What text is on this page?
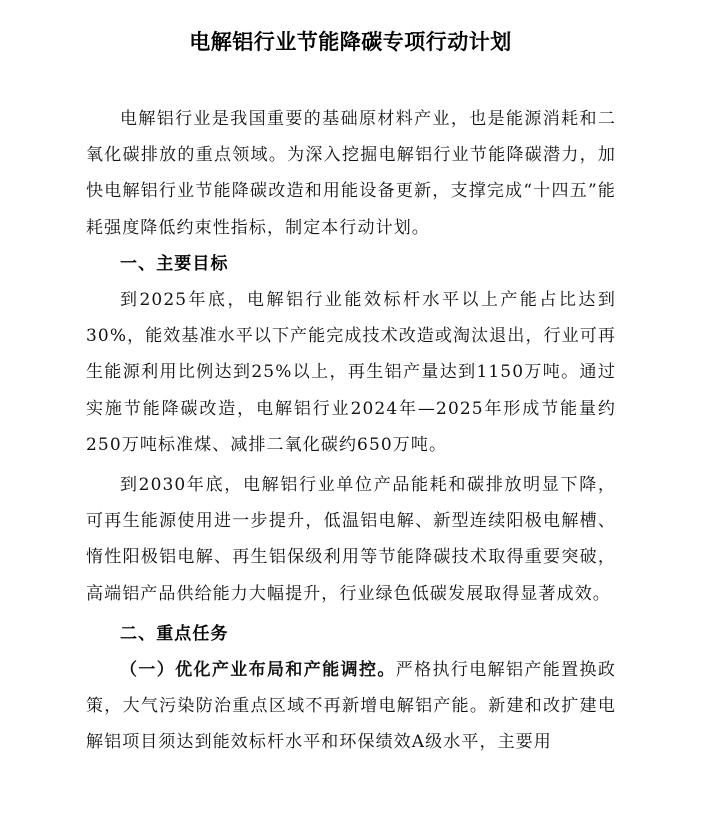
电解铝行业节能降碳专项行动计划

电解铝行业是我国重要的基础原材料产业，也是能源消耗和二氧化碳排放的重点领域。为深入挖掘电解铝行业节能降碳潜力，加快电解铝行业节能降碳改造和用能设备更新，支撑完成“十四五”能耗强度降低约束性指标，制定本行动计划。

一、主要目标

到2025年底，电解铝行业能效标杆水平以上产能占比达到30%，能效基准水平以下产能完成技术改造或淘汰退出，行业可再生能源利用比例达到25%以上，再生铝产量达到1150万吨。通过实施节能降碳改造，电解铝行业2024年—2025年形成节能量约250万吨标准煤、减排二氧化碳约650万吨。

到2030年底，电解铝行业单位产品能耗和碳排放明显下降，可再生能源使用进一步提升，低温铝电解、新型连续阳极电解槽、惰性阳极铝电解、再生铝保级利用等节能降碳技术取得重要突破，高端铝产品供给能力大幅提升，行业绿色低碳发展取得显著成效。

二、重点任务

（一）优化产业布局和产能调控。严格执行电解铝产能置换政策，大气污染防治重点区域不再新增电解铝产能。新建和改扩建电解铝项目须达到能效标杆水平和环保绩效A级水平，主要用
